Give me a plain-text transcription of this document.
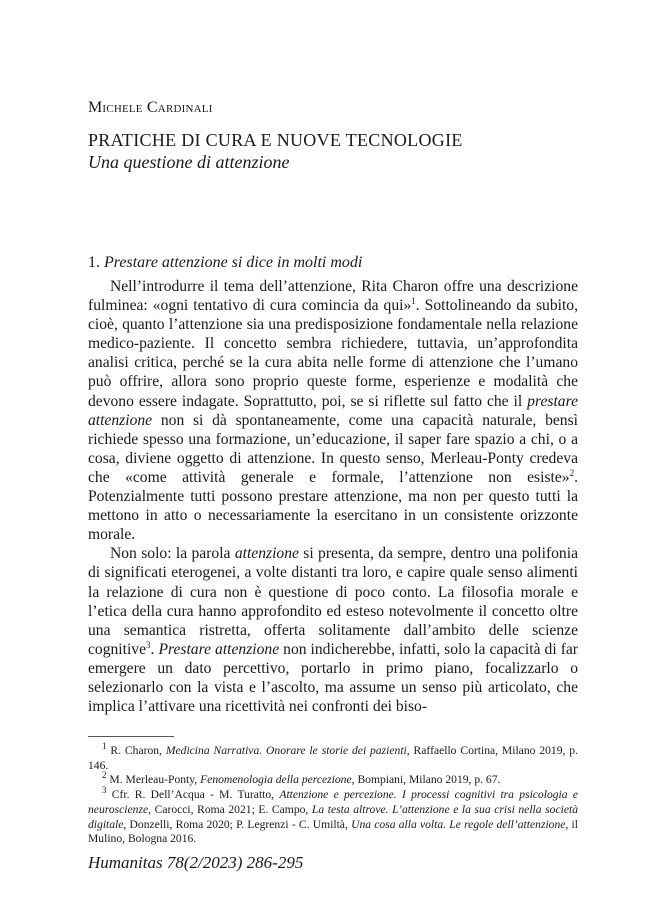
Michele Cardinali
PRATICHE DI CURA E NUOVE TECNOLOGIE
Una questione di attenzione
1. Prestare attenzione si dice in molti modi

Nell’introdurre il tema dell’attenzione, Rita Charon offre una descrizione fulminea: «ogni tentativo di cura comincia da qui»$^1$. Sottolineando da subito, cioè, quanto l’attenzione sia una predisposizione fondamentale nella relazione medico-paziente. Il concetto sembra richiedere, tuttavia, un’approfondita analisi critica, perché se la cura abita nelle forme di attenzione che l’umano può offrire, allora sono proprio queste forme, esperienze e modalità che devono essere indagate. Soprattutto, poi, se si riflette sul fatto che il prestare attenzione non si dà spontaneamente, come una capacità naturale, bensì richiede spesso una formazione, un’educazione, il saper fare spazio a chi, o a cosa, diviene oggetto di attenzione. In questo senso, Merleau-Ponty credeva che «come attività generale e formale, l’attenzione non esiste»$^2$. Potenzialmente tutti possono prestare attenzione, ma non per questo tutti la mettono in atto o necessariamente la esercitano in un consistente orizzonte morale.

Non solo: la parola attenzione si presenta, da sempre, dentro una polifonia di significati eterogenei, a volte distanti tra loro, e capire quale senso alimenti la relazione di cura non è questione di poco conto. La filosofia morale e l’etica della cura hanno approfondito ed esteso notevolmente il concetto oltre una semantica ristretta, offerta solitamente dall’ambito delle scienze cognitive$^3$. Prestare attenzione non indicherebbe, infatti, solo la capacità di far emergere un dato percettivo, portarlo in primo piano, focalizzarlo o selezionarlo con la vista e l’ascolto, ma assume un senso più articolato, che implica l’attivare una ricettività nei confronti dei biso-

$^1$ R. Charon, Medicina Narrativa. Onorare le storie dei pazienti, Raffaello Cortina, Milano 2019, p. 146.

$^2$ M. Merleau-Ponty, Fenomenologia della percezione, Bompiani, Milano 2019, p. 67.

$^3$ Cfr. R. Dell’Acqua - M. Turatto, Attenzione e percezione. I processi cognitivi tra psicologia e neuroscienze, Carocci, Roma 2021; E. Campo, La testa altrove. L’attenzione e la sua crisi nella società digitale, Donzelli, Roma 2020; P. Legrenzi - C. Umiltà, Una cosa alla volta. Le regole dell’attenzione, il Mulino, Bologna 2016.

Humanitas 78(2/2023) 286-295
